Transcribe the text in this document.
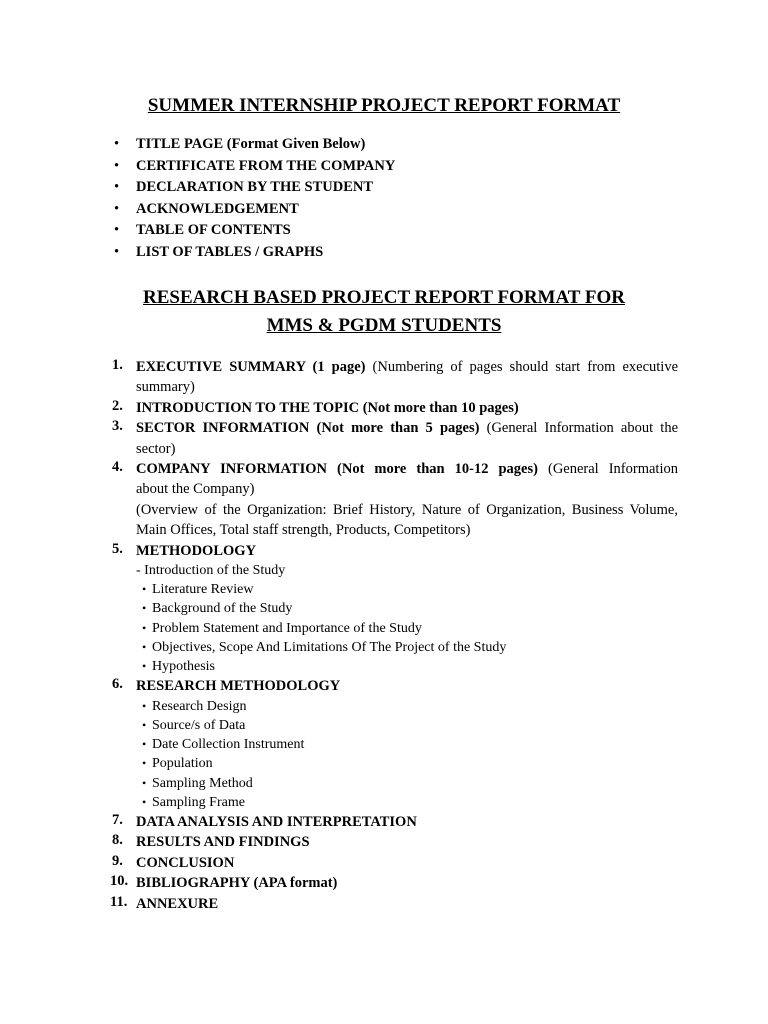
SUMMER INTERNSHIP PROJECT REPORT FORMAT
• TITLE PAGE (Format Given Below)
• CERTIFICATE FROM THE COMPANY
• DECLARATION BY THE STUDENT
• ACKNOWLEDGEMENT
• TABLE OF CONTENTS
• LIST OF TABLES / GRAPHS
RESEARCH BASED PROJECT REPORT FORMAT FOR
MMS & PGDM STUDENTS
1. EXECUTIVE SUMMARY (1 page) (Numbering of pages should start from executive
summary)
2. INTRODUCTION TO THE TOPIC (Not more than 10 pages)
3. SECTOR INFORMATION (Not more than 5 pages) (General Information about the
sector)
4. COMPANY INFORMATION (Not more than 10-12 pages) (General Information
about the Company)
(Overview of the Organization: Brief History, Nature of Organization, Business Volume,
Main Offices, Total staff strength, Products, Competitors)
5. METHODOLOGY
- Introduction of the Study
• Literature Review
• Background of the Study
• Problem Statement and Importance of the Study
• Objectives, Scope And Limitations Of The Project of the Study
• Hypothesis
6. RESEARCH METHODOLOGY
• Research Design
• Source/s of Data
• Date Collection Instrument
• Population
• Sampling Method
• Sampling Frame
7. DATA ANALYSIS AND INTERPRETATION
8. RESULTS AND FINDINGS
9. CONCLUSION
10. BIBLIOGRAPHY (APA format)
11. ANNEXURE
